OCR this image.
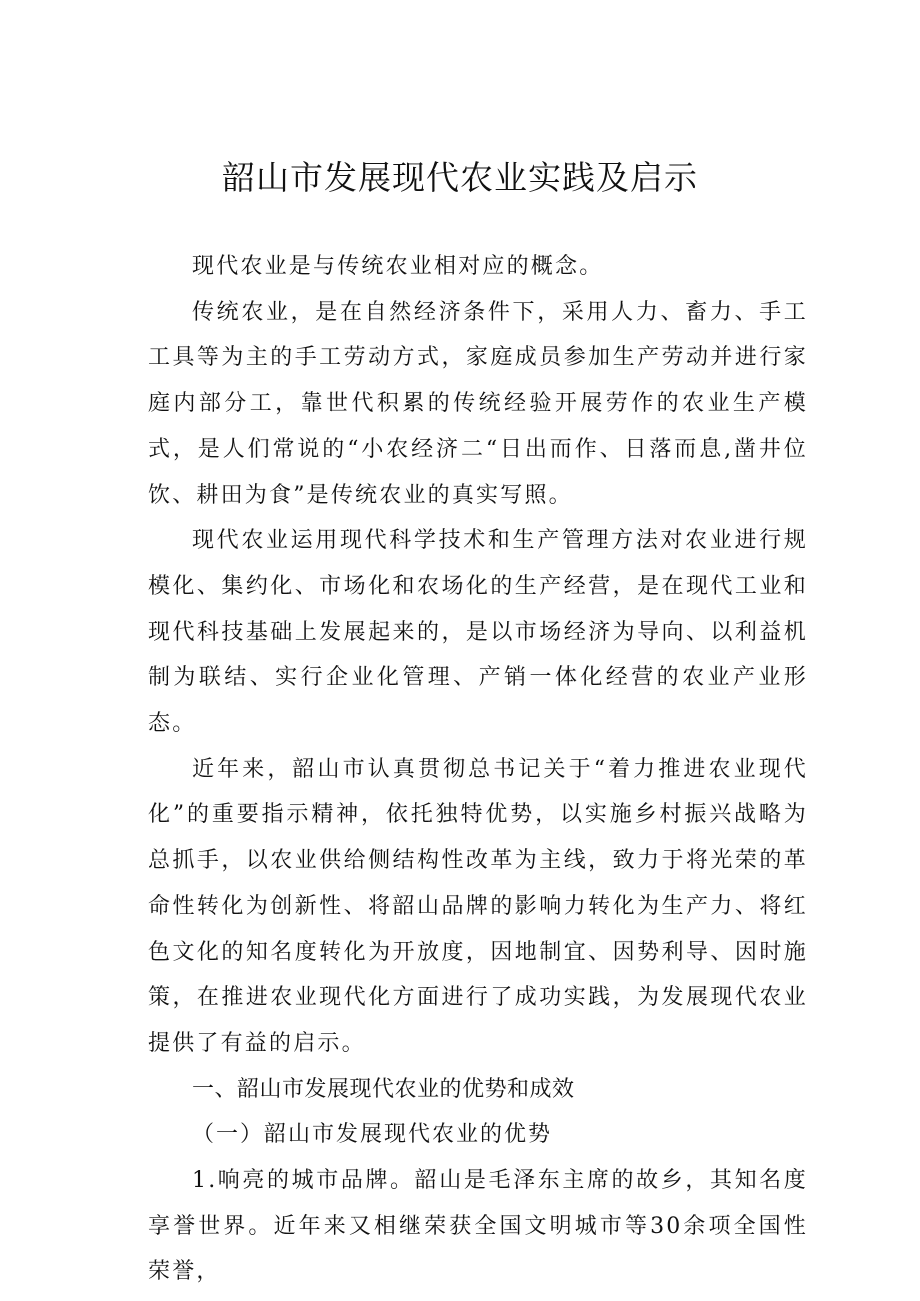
韶山市发展现代农业实践及启示

现代农业是与传统农业相对应的概念。

传统农业，是在自然经济条件下，采用人力、畜力、手工工具等为主的手工劳动方式，家庭成员参加生产劳动并进行家庭内部分工，靠世代积累的传统经验开展劳作的农业生产模式，是人们常说的“小农经济二“日出而作、日落而息,凿井位饮、耕田为食”是传统农业的真实写照。

现代农业运用现代科学技术和生产管理方法对农业进行规模化、集约化、市场化和农场化的生产经营，是在现代工业和现代科技基础上发展起来的，是以市场经济为导向、以利益机制为联结、实行企业化管理、产销一体化经营的农业产业形态。

近年来，韶山市认真贯彻总书记关于“着力推进农业现代化”的重要指示精神，依托独特优势，以实施乡村振兴战略为总抓手，以农业供给侧结构性改革为主线，致力于将光荣的革命性转化为创新性、将韶山品牌的影响力转化为生产力、将红色文化的知名度转化为开放度，因地制宜、因势利导、因时施策，在推进农业现代化方面进行了成功实践，为发展现代农业提供了有益的启示。

一、韶山市发展现代农业的优势和成效

（一）韶山市发展现代农业的优势

1.响亮的城市品牌。韶山是毛泽东主席的故乡，其知名度享誉世界。近年来又相继荣获全国文明城市等30余项全国性荣誉，
